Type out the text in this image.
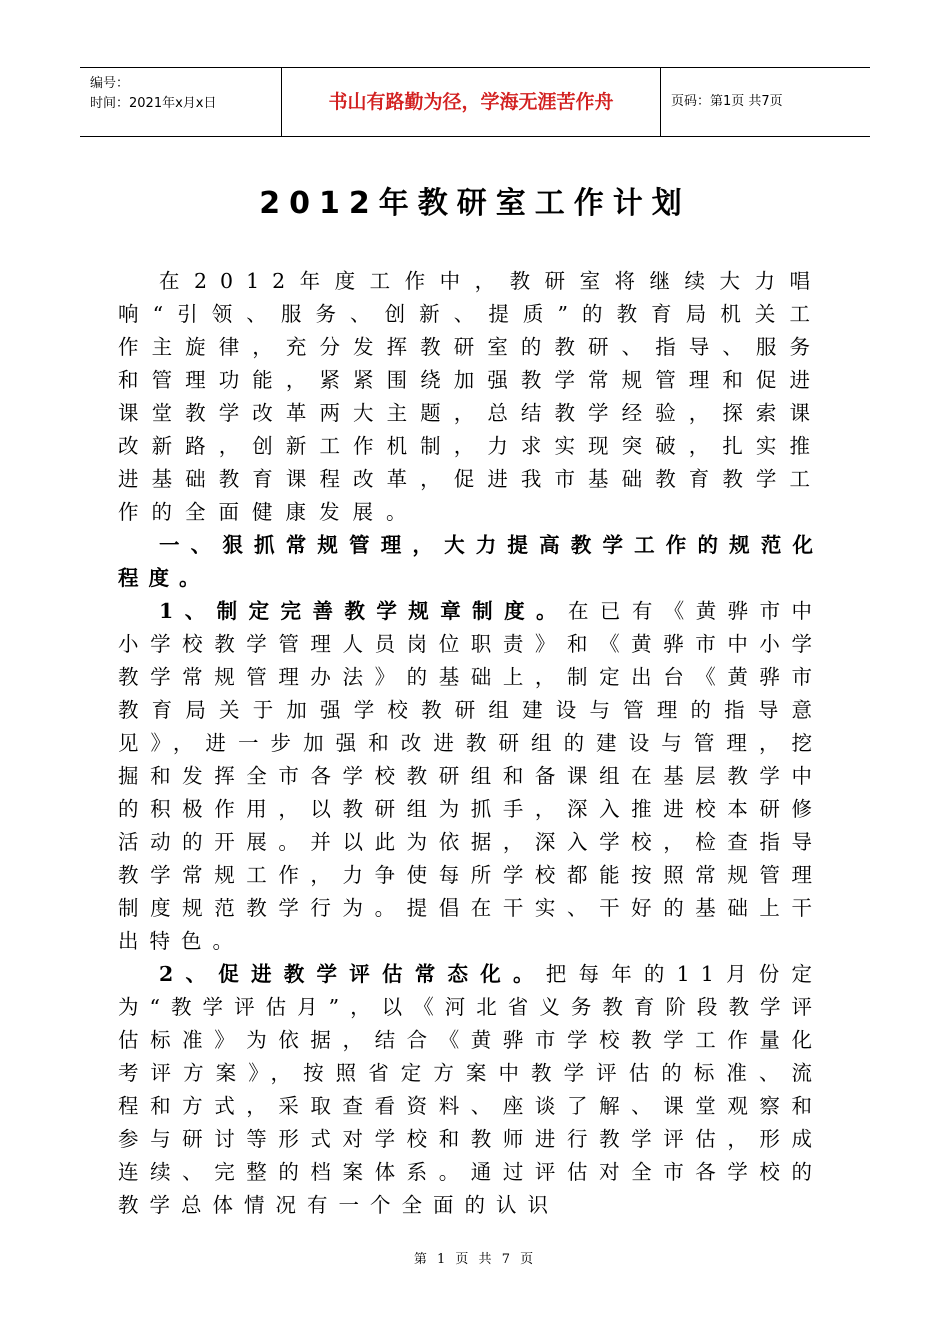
编号：
时间：2021年x月x日	书山有路勤为径，学海无涯苦作舟	页码：第1页 共7页
2012年教研室工作计划

在2012年度工作中，教研室将继续大力唱响“引领、服务、创新、提质”的教育局机关工作主旋律，充分发挥教研室的教研、指导、服务和管理功能，紧紧围绕加强教学常规管理和促进课堂教学改革两大主题，总结教学经验，探索课改新路，创新工作机制，力求实现突破，扎实推进基础教育课程改革，促进我市基础教育教学工作的全面健康发展。

一、狠抓常规管理，大力提高教学工作的规范化程度。

1、制定完善教学规章制度。在已有《黄骅市中小学校教学管理人员岗位职责》和《黄骅市中小学教学常规管理办法》的基础上，制定出台《黄骅市教育局关于加强学校教研组建设与管理的指导意见》，进一步加强和改进教研组的建设与管理，挖掘和发挥全市各学校教研组和备课组在基层教学中的积极作用，以教研组为抓手，深入推进校本研修活动的开展。并以此为依据，深入学校，检查指导教学常规工作，力争使每所学校都能按照常规管理制度规范教学行为。提倡在干实、干好的基础上干出特色。

2、促进教学评估常态化。把每年的11月份定为“教学评估月”，以《河北省义务教育阶段教学评估标准》为依据，结合《黄骅市学校教学工作量化考评方案》，按照省定方案中教学评估的标准、流程和方式，采取查看资料、座谈了解、课堂观察和参与研讨等形式对学校和教师进行教学评估，形成连续、完整的档案体系。通过评估对全市各学校的教学总体情况有一个全面的认识

第 1 页 共 7 页
